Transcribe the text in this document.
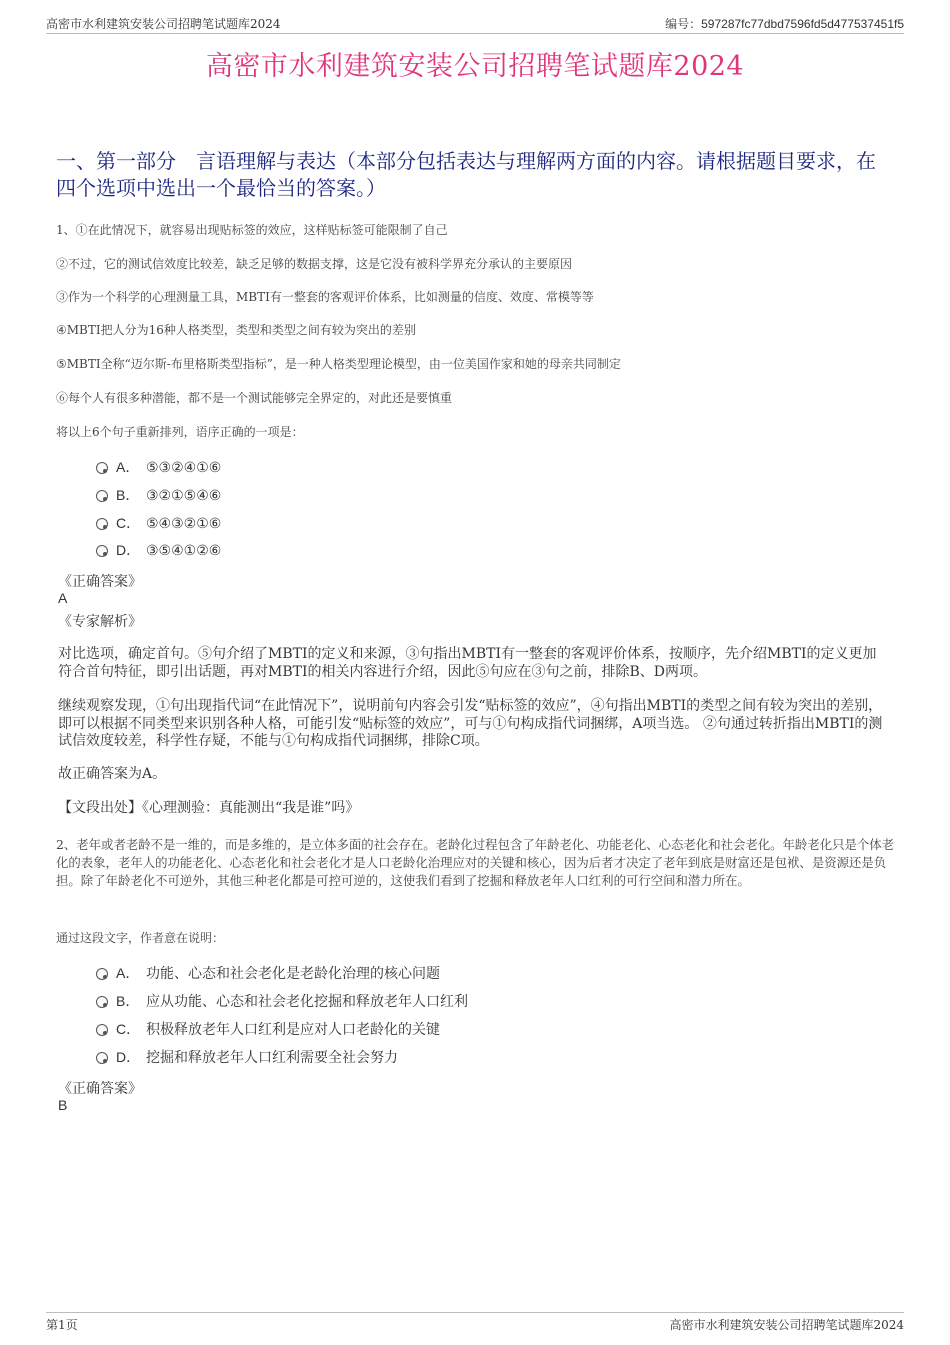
高密市水利建筑安装公司招聘笔试题库2024	编号：597287fc77dbd7596fd5d477537451f5
高密市水利建筑安装公司招聘笔试题库2024
一、第一部分　言语理解与表达（本部分包括表达与理解两方面的内容。请根据题目要求，在四个选项中选出一个最恰当的答案。）
1、①在此情况下，就容易出现贴标签的效应，这样贴标签可能限制了自己
②不过，它的测试信效度比较差，缺乏足够的数据支撑，这是它没有被科学界充分承认的主要原因
③作为一个科学的心理测量工具，MBTI有一整套的客观评价体系，比如测量的信度、效度、常模等等
④MBTI把人分为16种人格类型，类型和类型之间有较为突出的差别
⑤MBTI全称“迈尔斯-布里格斯类型指标”，是一种人格类型理论模型，由一位美国作家和她的母亲共同制定
⑥每个人有很多种潜能，都不是一个测试能够完全界定的，对此还是要慎重
将以上6个句子重新排列，语序正确的一项是：
A． ⑤③②④①⑥
B． ③②①⑤④⑥
C． ⑤④③②①⑥
D． ③⑤④①②⑥
《正确答案》
A
《专家解析》
对比选项，确定首句。⑤句介绍了MBTI的定义和来源，③句指出MBTI有一整套的客观评价体系，按顺序，先介绍MBTI的定义更加符合首句特征，即引出话题，再对MBTI的相关内容进行介绍，因此⑤句应在③句之前，排除B、D两项。
继续观察发现，①句出现指代词“在此情况下”，说明前句内容会引发“贴标签的效应”，④句指出MBTI的类型之间有较为突出的差别，即可以根据不同类型来识别各种人格，可能引发“贴标签的效应”，可与①句构成指代词捆绑，A项当选。 ②句通过转折指出MBTI的测试信效度较差，科学性存疑，不能与①句构成指代词捆绑，排除C项。
故正确答案为A。
【文段出处】《心理测验：真能测出“我是谁”吗》
2、老年或者老龄不是一维的，而是多维的，是立体多面的社会存在。老龄化过程包含了年龄老化、功能老化、心态老化和社会老化。年龄老化只是个体老化的表象，老年人的功能老化、心态老化和社会老化才是人口老龄化治理应对的关键和核心，因为后者才决定了老年到底是财富还是包袱、是资源还是负担。除了年龄老化不可逆外，其他三种老化都是可控可逆的，这使我们看到了挖掘和释放老年人口红利的可行空间和潜力所在。
通过这段文字，作者意在说明：
A． 功能、心态和社会老化是老龄化治理的核心问题
B． 应从功能、心态和社会老化挖掘和释放老年人口红利
C． 积极释放老年人口红利是应对人口老龄化的关键
D． 挖掘和释放老年人口红利需要全社会努力
《正确答案》
B
第1页	高密市水利建筑安装公司招聘笔试题库2024
